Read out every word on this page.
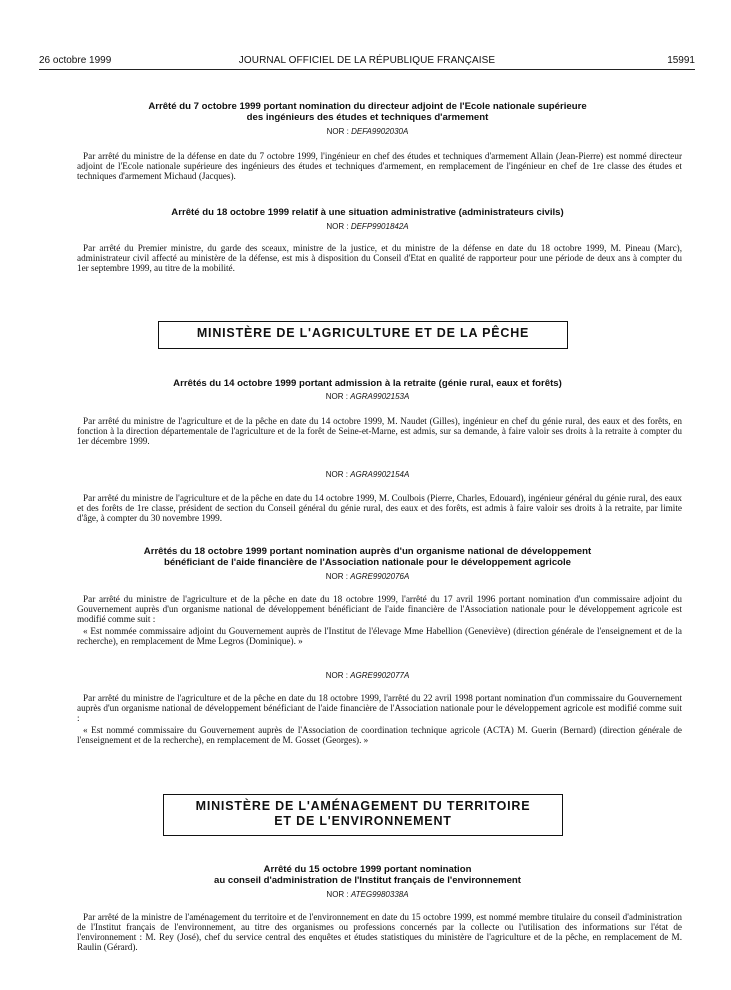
26 octobre 1999	JOURNAL OFFICIEL DE LA RÉPUBLIQUE FRANÇAISE	15991
Arrêté du 7 octobre 1999 portant nomination du directeur adjoint de l'Ecole nationale supérieure
des ingénieurs des études et techniques d'armement
NOR : DEFA9902030A

Par arrêté du ministre de la défense en date du 7 octobre 1999, l'ingénieur en chef des études et techniques d'armement Allain (Jean-Pierre) est nommé directeur adjoint de l'Ecole nationale supérieure des ingénieurs des études et techniques d'armement, en remplacement de l'ingénieur en chef de 1re classe des études et techniques d'armement Michaud (Jacques).

Arrêté du 18 octobre 1999 relatif à une situation administrative (administrateurs civils)
NOR : DEFP9901842A

Par arrêté du Premier ministre, du garde des sceaux, ministre de la justice, et du ministre de la défense en date du 18 octobre 1999, M. Pineau (Marc), administrateur civil affecté au ministère de la défense, est mis à disposition du Conseil d'Etat en qualité de rapporteur pour une période de deux ans à compter du 1er septembre 1999, au titre de la mobilité.

MINISTÈRE DE L'AGRICULTURE ET DE LA PÊCHE
Arrêtés du 14 octobre 1999 portant admission à la retraite (génie rural, eaux et forêts)
NOR : AGRA9902153A

Par arrêté du ministre de l'agriculture et de la pêche en date du 14 octobre 1999, M. Naudet (Gilles), ingénieur en chef du génie rural, des eaux et des forêts, en fonction à la direction départementale de l'agriculture et de la forêt de Seine-et-Marne, est admis, sur sa demande, à faire valoir ses droits à la retraite à compter du 1er décembre 1999.

NOR : AGRA9902154A

Par arrêté du ministre de l'agriculture et de la pêche en date du 14 octobre 1999, M. Coulbois (Pierre, Charles, Edouard), ingénieur général du génie rural, des eaux et des forêts de 1re classe, président de section du Conseil général du génie rural, des eaux et des forêts, est admis à faire valoir ses droits à la retraite, par limite d'âge, à compter du 30 novembre 1999.

Arrêtés du 18 octobre 1999 portant nomination auprès d'un organisme national de développement
bénéficiant de l'aide financière de l'Association nationale pour le développement agricole
NOR : AGRE9902076A

Par arrêté du ministre de l'agriculture et de la pêche en date du 18 octobre 1999, l'arrêté du 17 avril 1996 portant nomination d'un commissaire adjoint du Gouvernement auprès d'un organisme national de développement bénéficiant de l'aide financière de l'Association nationale pour le développement agricole est modifié comme suit :

« Est nommée commissaire adjoint du Gouvernement auprès de l'Institut de l'élevage Mme Habellion (Geneviève) (direction générale de l'enseignement et de la recherche), en remplacement de Mme Legros (Dominique). »

NOR : AGRE9902077A

Par arrêté du ministre de l'agriculture et de la pêche en date du 18 octobre 1999, l'arrêté du 22 avril 1998 portant nomination d'un commissaire du Gouvernement auprès d'un organisme national de développement bénéficiant de l'aide financière de l'Association nationale pour le développement agricole est modifié comme suit :

« Est nommé commissaire du Gouvernement auprès de l'Association de coordination technique agricole (ACTA) M. Guerin (Bernard) (direction générale de l'enseignement et de la recherche), en remplacement de M. Gosset (Georges). »

MINISTÈRE DE L'AMÉNAGEMENT DU TERRITOIRE
ET DE L'ENVIRONNEMENT
Arrêté du 15 octobre 1999 portant nomination
au conseil d'administration de l'Institut français de l'environnement
NOR : ATEG9980338A

Par arrêté de la ministre de l'aménagement du territoire et de l'environnement en date du 15 octobre 1999, est nommé membre titulaire du conseil d'administration de l'Institut français de l'environnement, au titre des organismes ou professions concernés par la collecte ou l'utilisation des informations sur l'état de l'environnement : M. Rey (José), chef du service central des enquêtes et études statistiques du ministère de l'agriculture et de la pêche, en remplacement de M. Raulin (Gérard).
